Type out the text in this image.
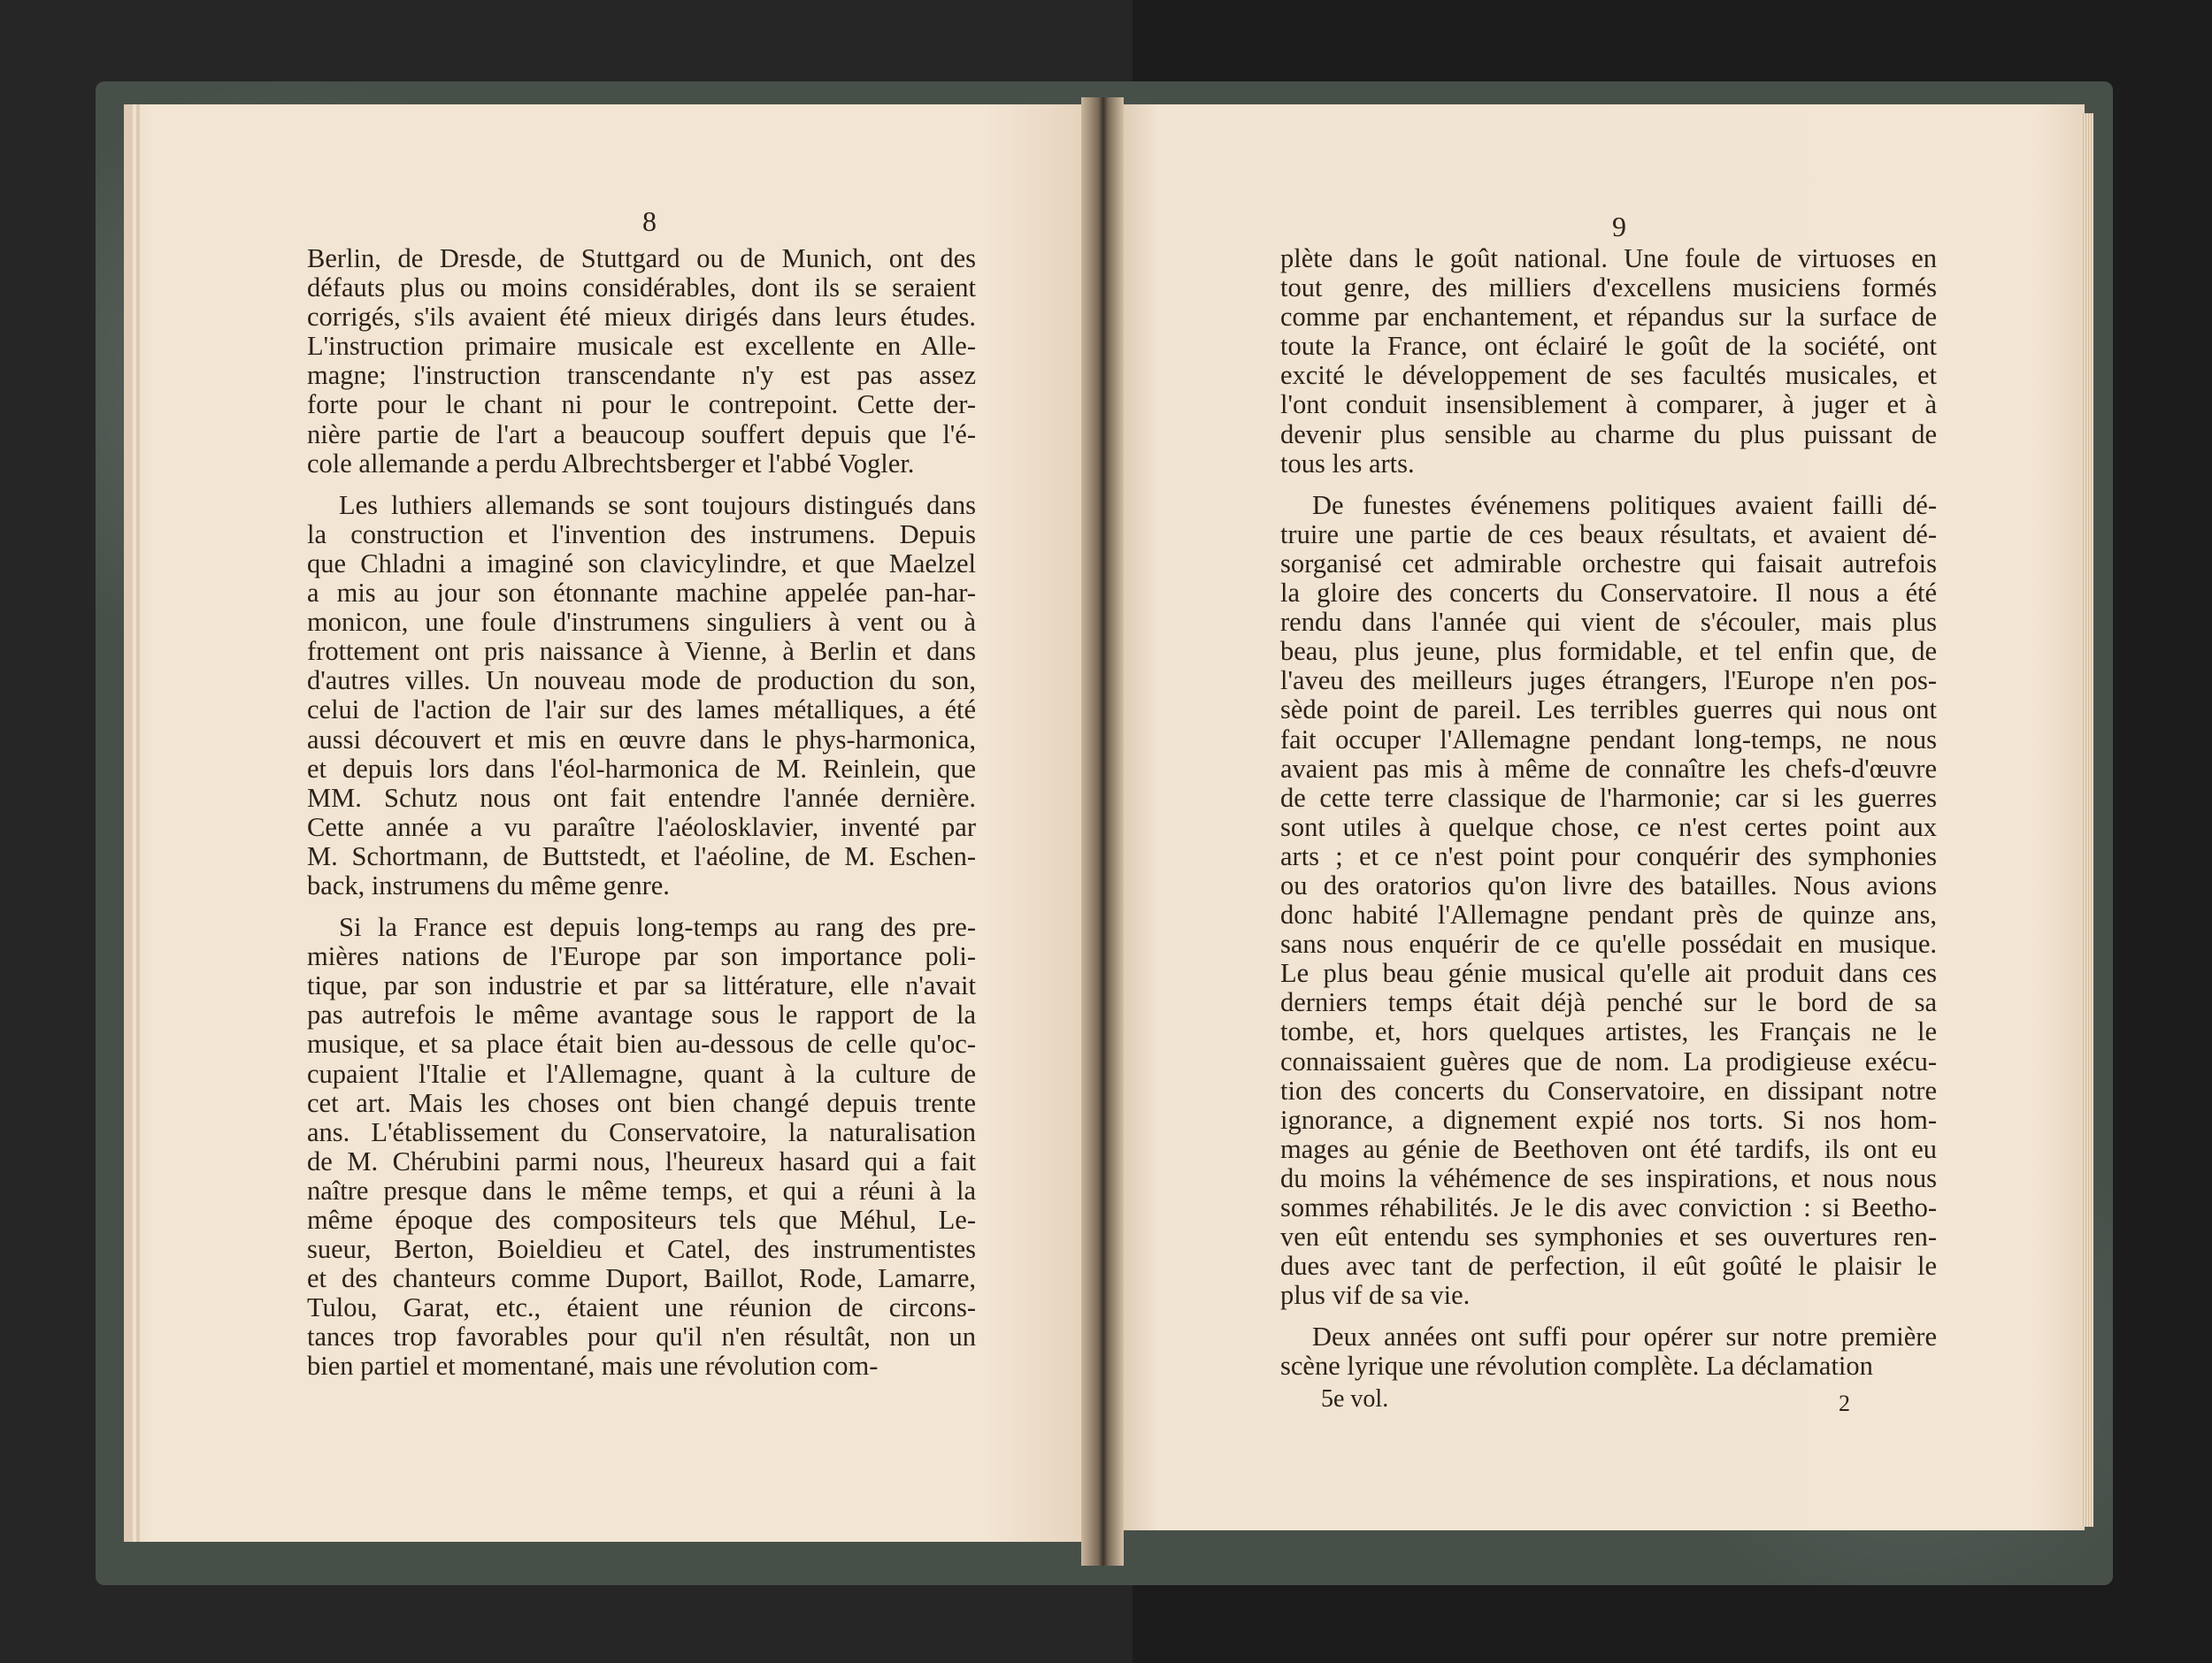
8	9

Berlin, de Dresde, de Stuttgard ou de Munich, ont des
défauts plus ou moins considérables, dont ils se seraient
corrigés, s'ils avaient été mieux dirigés dans leurs études.
L'instruction primaire musicale est excellente en Alle-
magne; l'instruction transcendante n'y est pas assez
forte pour le chant ni pour le contrepoint. Cette der-
nière partie de l'art a beaucoup souffert depuis que l'é-
cole allemande a perdu Albrechtsberger et l'abbé Vogler.

Les luthiers allemands se sont toujours distingués dans
la construction et l'invention des instrumens. Depuis
que Chladni a imaginé son clavicylindre, et que Maelzel
a mis au jour son étonnante machine appelée pan-har-
monicon, une foule d'instrumens singuliers à vent ou à
frottement ont pris naissance à Vienne, à Berlin et dans
d'autres villes. Un nouveau mode de production du son,
celui de l'action de l'air sur des lames métalliques, a été
aussi découvert et mis en œuvre dans le phys-harmonica,
et depuis lors dans l'éol-harmonica de M. Reinlein, que
MM. Schutz nous ont fait entendre l'année dernière.
Cette année a vu paraître l'aéolosklavier, inventé par
M. Schortmann, de Buttstedt, et l'aéoline, de M. Eschen-
back, instrumens du même genre.

Si la France est depuis long-temps au rang des pre-
mières nations de l'Europe par son importance poli-
tique, par son industrie et par sa littérature, elle n'avait
pas autrefois le même avantage sous le rapport de la
musique, et sa place était bien au-dessous de celle qu'oc-
cupaient l'Italie et l'Allemagne, quant à la culture de
cet art. Mais les choses ont bien changé depuis trente
ans. L'établissement du Conservatoire, la naturalisation
de M. Chérubini parmi nous, l'heureux hasard qui a fait
naître presque dans le même temps, et qui a réuni à la
même époque des compositeurs tels que Méhul, Le-
sueur, Berton, Boieldieu et Catel, des instrumentistes
et des chanteurs comme Duport, Baillot, Rode, Lamarre,
Tulou, Garat, etc., étaient une réunion de circons-
tances trop favorables pour qu'il n'en résultât, non un
bien partiel et momentané, mais une révolution com-

plète dans le goût national. Une foule de virtuoses en
tout genre, des milliers d'excellens musiciens formés
comme par enchantement, et répandus sur la surface de
toute la France, ont éclairé le goût de la société, ont
excité le développement de ses facultés musicales, et
l'ont conduit insensiblement à comparer, à juger et à
devenir plus sensible au charme du plus puissant de
tous les arts.

De funestes événemens politiques avaient failli dé-
truire une partie de ces beaux résultats, et avaient dé-
sorganisé cet admirable orchestre qui faisait autrefois
la gloire des concerts du Conservatoire. Il nous a été
rendu dans l'année qui vient de s'écouler, mais plus
beau, plus jeune, plus formidable, et tel enfin que, de
l'aveu des meilleurs juges étrangers, l'Europe n'en pos-
sède point de pareil. Les terribles guerres qui nous ont
fait occuper l'Allemagne pendant long-temps, ne nous
avaient pas mis à même de connaître les chefs-d'œuvre
de cette terre classique de l'harmonie; car si les guerres
sont utiles à quelque chose, ce n'est certes point aux
arts ; et ce n'est point pour conquérir des symphonies
ou des oratorios qu'on livre des batailles. Nous avions
donc habité l'Allemagne pendant près de quinze ans,
sans nous enquérir de ce qu'elle possédait en musique.
Le plus beau génie musical qu'elle ait produit dans ces
derniers temps était déjà penché sur le bord de sa
tombe, et, hors quelques artistes, les Français ne le
connaissaient guères que de nom. La prodigieuse exécu-
tion des concerts du Conservatoire, en dissipant notre
ignorance, a dignement expié nos torts. Si nos hom-
mages au génie de Beethoven ont été tardifs, ils ont eu
du moins la véhémence de ses inspirations, et nous nous
sommes réhabilités. Je le dis avec conviction : si Beetho-
ven eût entendu ses symphonies et ses ouvertures ren-
dues avec tant de perfection, il eût goûté le plaisir le
plus vif de sa vie.

Deux années ont suffi pour opérer sur notre première
scène lyrique une révolution complète. La déclamation

5e vol.	2
